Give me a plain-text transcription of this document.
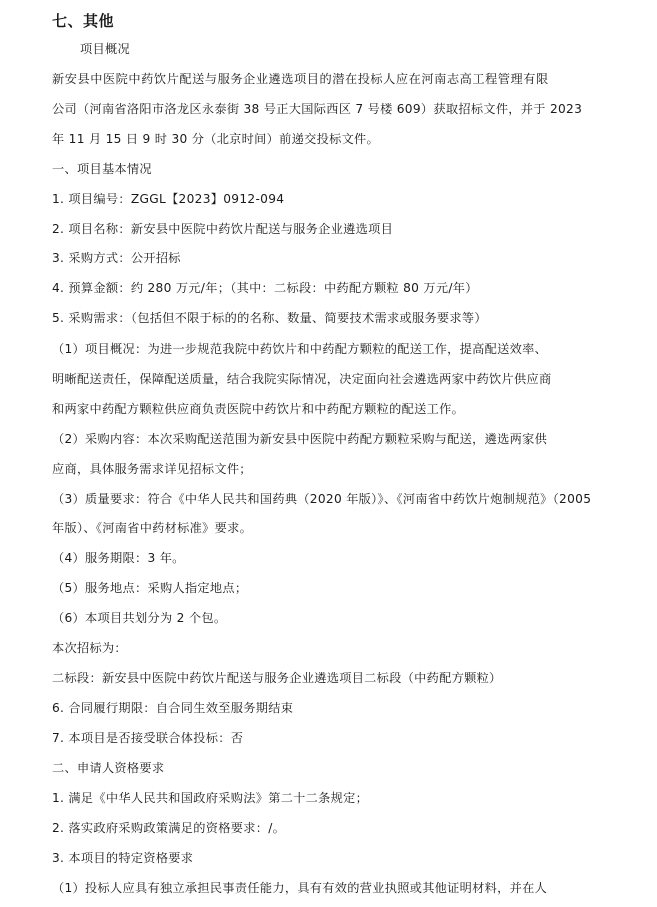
七、其他
项目概况
新安县中医院中药饮片配送与服务企业遴选项目的潜在投标人应在河南志高工程管理有限
公司（河南省洛阳市洛龙区永泰街 38 号正大国际西区 7 号楼 609）获取招标文件，并于 2023
年 11 月 15 日 9 时 30 分（北京时间）前递交投标文件。
一、项目基本情况
1. 项目编号：ZGGL【2023】0912-094
2. 项目名称：新安县中医院中药饮片配送与服务企业遴选项目
3. 采购方式：公开招标
4. 预算金额：约 280 万元/年；（其中：二标段：中药配方颗粒 80 万元/年）
5. 采购需求：（包括但不限于标的的名称、数量、简要技术需求或服务要求等）
（1）项目概况：为进一步规范我院中药饮片和中药配方颗粒的配送工作，提高配送效率、
明晰配送责任，保障配送质量，结合我院实际情况，决定面向社会遴选两家中药饮片供应商
和两家中药配方颗粒供应商负责医院中药饮片和中药配方颗粒的配送工作。
（2）采购内容：本次采购配送范围为新安县中医院中药配方颗粒采购与配送，遴选两家供
应商，具体服务需求详见招标文件；
（3）质量要求：符合《中华人民共和国药典（2020 年版）》、《河南省中药饮片炮制规范》（2005
年版）、《河南省中药材标准》要求。
（4）服务期限：3 年。
（5）服务地点：采购人指定地点；
（6）本项目共划分为 2 个包。
本次招标为：
二标段：新安县中医院中药饮片配送与服务企业遴选项目二标段（中药配方颗粒）
6. 合同履行期限：自合同生效至服务期结束
7. 本项目是否接受联合体投标：否
二、申请人资格要求
1. 满足《中华人民共和国政府采购法》第二十二条规定；
2. 落实政府采购政策满足的资格要求：/。
3. 本项目的特定资格要求
（1）投标人应具有独立承担民事责任能力，具有有效的营业执照或其他证明材料，并在人
